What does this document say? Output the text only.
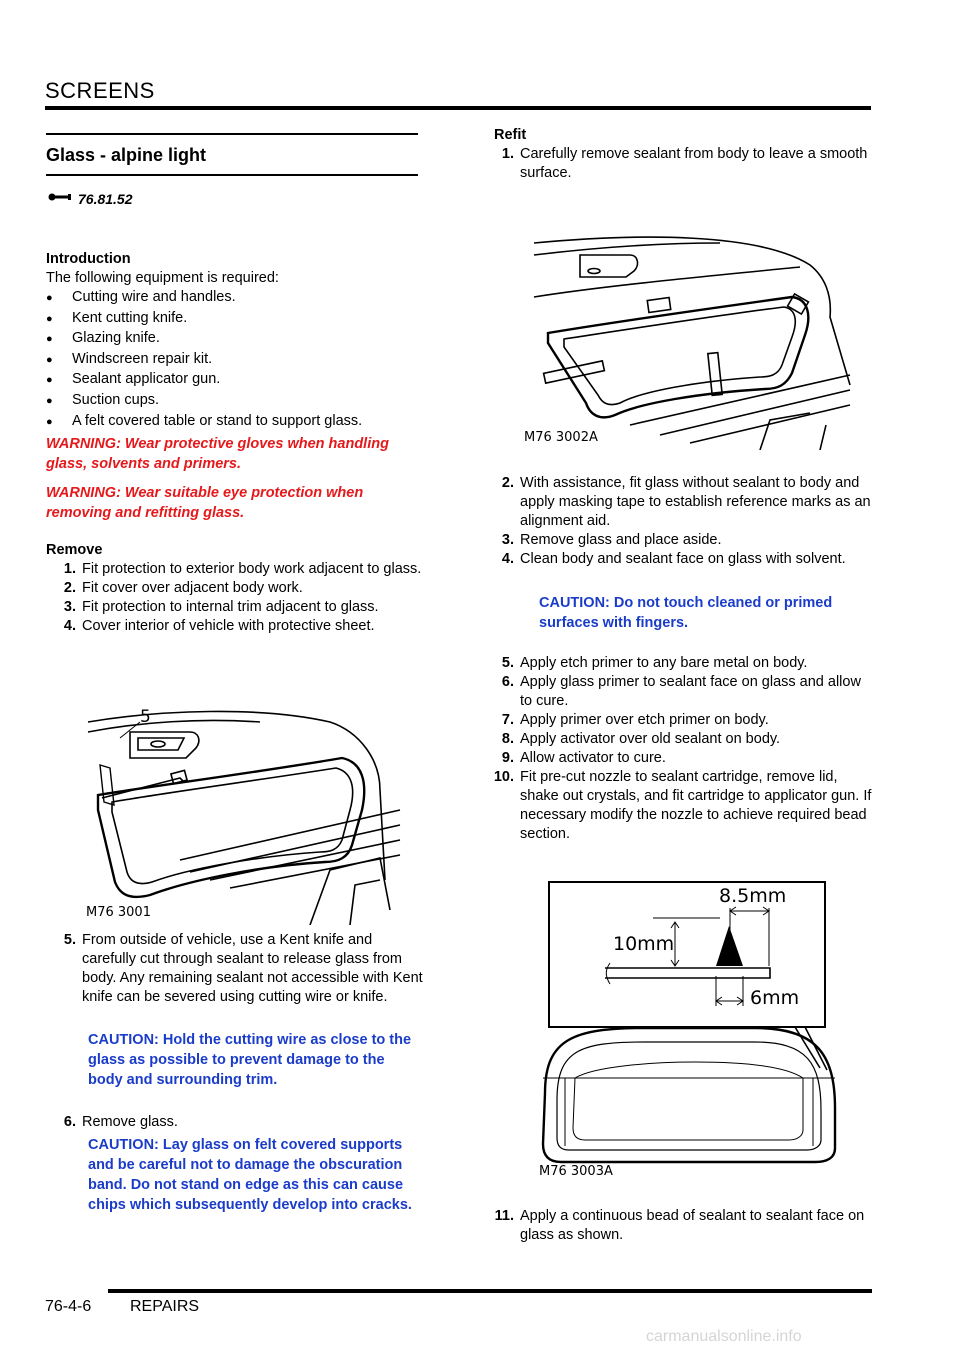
SCREENS
Glass - alpine light
76.81.52
Introduction
The following equipment is required:
●	Cutting wire and handles.
●	Kent cutting knife.
●	Glazing knife.
●	Windscreen repair kit.
●	Sealant applicator gun.
●	Suction cups.
●	A felt covered table or stand to support glass.
WARNING: Wear protective gloves when handling glass, solvents and primers.
WARNING: Wear suitable eye protection when removing and refitting glass.
Remove
1. Fit protection to exterior body work adjacent to glass.
2. Fit cover over adjacent body work.
3. Fit protection to internal trim adjacent to glass.
4. Cover interior of vehicle with protective sheet.
5
M76 3001
5. From outside of vehicle, use a Kent knife and carefully cut through sealant to release glass from body. Any remaining sealant not accessible with Kent knife can be severed using cutting wire or knife.
CAUTION: Hold the cutting wire as close to the glass as possible to prevent damage to the body and surrounding trim.
6. Remove glass.
CAUTION: Lay glass on felt covered supports and be careful not to damage the obscuration band. Do not stand on edge as this can cause chips which subsequently develop into cracks.
Refit
1. Carefully remove sealant from body to leave a smooth surface.
M76 3002A
2. With assistance, fit glass without sealant to body and apply masking tape to establish reference marks as an alignment aid.
3. Remove glass and place aside.
4. Clean body and sealant face on glass with solvent.
CAUTION: Do not touch cleaned or primed surfaces with fingers.
5. Apply etch primer to any bare metal on body.
6. Apply glass primer to sealant face on glass and allow to cure.
7. Apply primer over etch primer on body.
8. Apply activator over old sealant on body.
9. Allow activator to cure.
10. Fit pre-cut nozzle to sealant cartridge, remove lid, shake out crystals, and fit cartridge to applicator gun. If necessary modify the nozzle to achieve required bead section.
8.5mm
10mm
6mm
M76 3003A
11. Apply a continuous bead of sealant to sealant face on glass as shown.
76-4-6 REPAIRS
carmanualsonline.info
